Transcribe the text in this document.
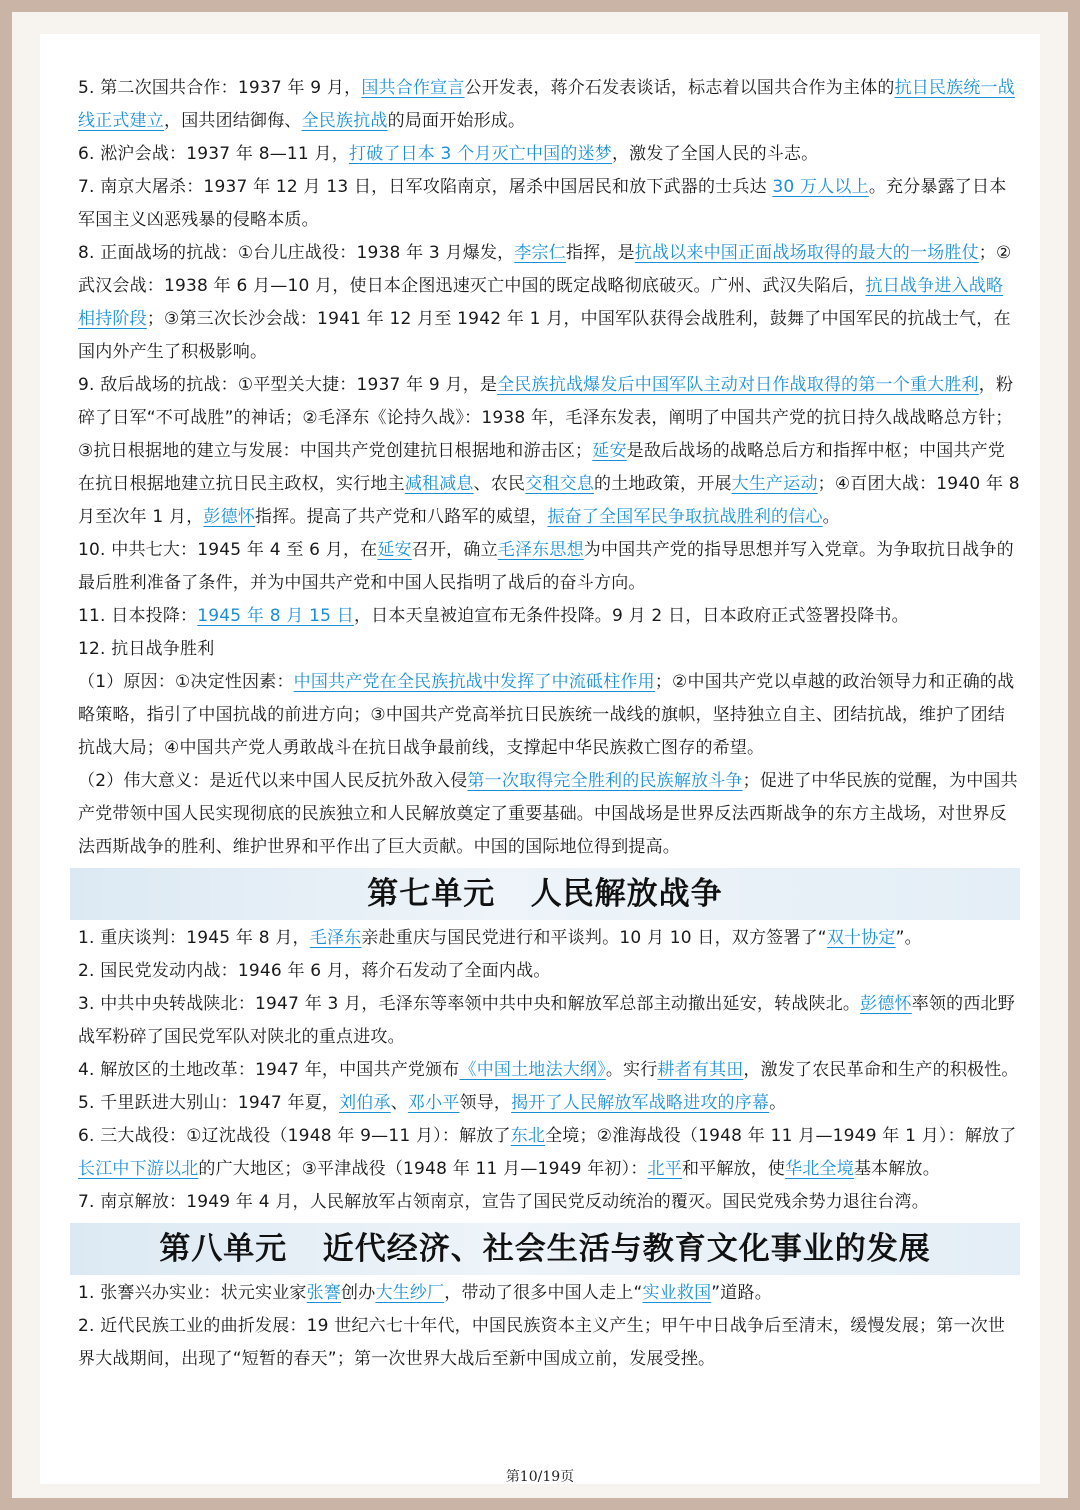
5. 第二次国共合作：1937 年 9 月，国共合作宣言公开发表，蒋介石发表谈话，标志着以国共合作为主体的抗日民族统一战线正式建立，国共团结御侮、全民族抗战的局面开始形成。

6. 淞沪会战：1937 年 8—11 月，打破了日本 3 个月灭亡中国的迷梦，激发了全国人民的斗志。

7. 南京大屠杀：1937 年 12 月 13 日，日军攻陷南京，屠杀中国居民和放下武器的士兵达 30 万人以上。充分暴露了日本军国主义凶恶残暴的侵略本质。

8. 正面战场的抗战：①台儿庄战役：1938 年 3 月爆发，李宗仁指挥，是抗战以来中国正面战场取得的最大的一场胜仗；②武汉会战：1938 年 6 月—10 月，使日本企图迅速灭亡中国的既定战略彻底破灭。广州、武汉失陷后，抗日战争进入战略相持阶段；③第三次长沙会战：1941 年 12 月至 1942 年 1 月，中国军队获得会战胜利，鼓舞了中国军民的抗战士气，在国内外产生了积极影响。

9. 敌后战场的抗战：①平型关大捷：1937 年 9 月，是全民族抗战爆发后中国军队主动对日作战取得的第一个重大胜利，粉碎了日军“不可战胜”的神话；②毛泽东《论持久战》：1938 年，毛泽东发表，阐明了中国共产党的抗日持久战战略总方针；③抗日根据地的建立与发展：中国共产党创建抗日根据地和游击区；延安是敌后战场的战略总后方和指挥中枢；中国共产党在抗日根据地建立抗日民主政权，实行地主减租减息、农民交租交息的土地政策，开展大生产运动；④百团大战：1940 年 8 月至次年 1 月，彭德怀指挥。提高了共产党和八路军的威望，振奋了全国军民争取抗战胜利的信心。

10. 中共七大：1945 年 4 至 6 月，在延安召开，确立毛泽东思想为中国共产党的指导思想并写入党章。为争取抗日战争的最后胜利准备了条件，并为中国共产党和中国人民指明了战后的奋斗方向。

11. 日本投降：1945 年 8 月 15 日，日本天皇被迫宣布无条件投降。9 月 2 日，日本政府正式签署投降书。

12. 抗日战争胜利

（1）原因：①决定性因素：中国共产党在全民族抗战中发挥了中流砥柱作用；②中国共产党以卓越的政治领导力和正确的战略策略，指引了中国抗战的前进方向；③中国共产党高举抗日民族统一战线的旗帜，坚持独立自主、团结抗战，维护了团结抗战大局；④中国共产党人勇敢战斗在抗日战争最前线，支撑起中华民族救亡图存的希望。

（2）伟大意义：是近代以来中国人民反抗外敌入侵第一次取得完全胜利的民族解放斗争；促进了中华民族的觉醒，为中国共产党带领中国人民实现彻底的民族独立和人民解放奠定了重要基础。中国战场是世界反法西斯战争的东方主战场，对世界反法西斯战争的胜利、维护世界和平作出了巨大贡献。中国的国际地位得到提高。

第七单元   人民解放战争

1. 重庆谈判：1945 年 8 月，毛泽东亲赴重庆与国民党进行和平谈判。10 月 10 日，双方签署了“双十协定”。

2. 国民党发动内战：1946 年 6 月，蒋介石发动了全面内战。

3. 中共中央转战陕北：1947 年 3 月，毛泽东等率领中共中央和解放军总部主动撤出延安，转战陕北。彭德怀率领的西北野战军粉碎了国民党军队对陕北的重点进攻。

4. 解放区的土地改革：1947 年，中国共产党颁布《中国土地法大纲》。实行耕者有其田，激发了农民革命和生产的积极性。

5. 千里跃进大别山：1947 年夏，刘伯承、邓小平领导，揭开了人民解放军战略进攻的序幕。

6. 三大战役：①辽沈战役（1948 年 9—11 月）：解放了东北全境；②淮海战役（1948 年 11 月—1949 年 1 月）：解放了长江中下游以北的广大地区；③平津战役（1948 年 11 月—1949 年初）：北平和平解放，使华北全境基本解放。

7. 南京解放：1949 年 4 月，人民解放军占领南京，宣告了国民党反动统治的覆灭。国民党残余势力退往台湾。

第八单元   近代经济、社会生活与教育文化事业的发展

1. 张謇兴办实业：状元实业家张謇创办大生纱厂，带动了很多中国人走上“实业救国”道路。

2. 近代民族工业的曲折发展：19 世纪六七十年代，中国民族资本主义产生；甲午中日战争后至清末，缓慢发展；第一次世界大战期间，出现了“短暂的春天”；第一次世界大战后至新中国成立前，发展受挫。

第10/19页
